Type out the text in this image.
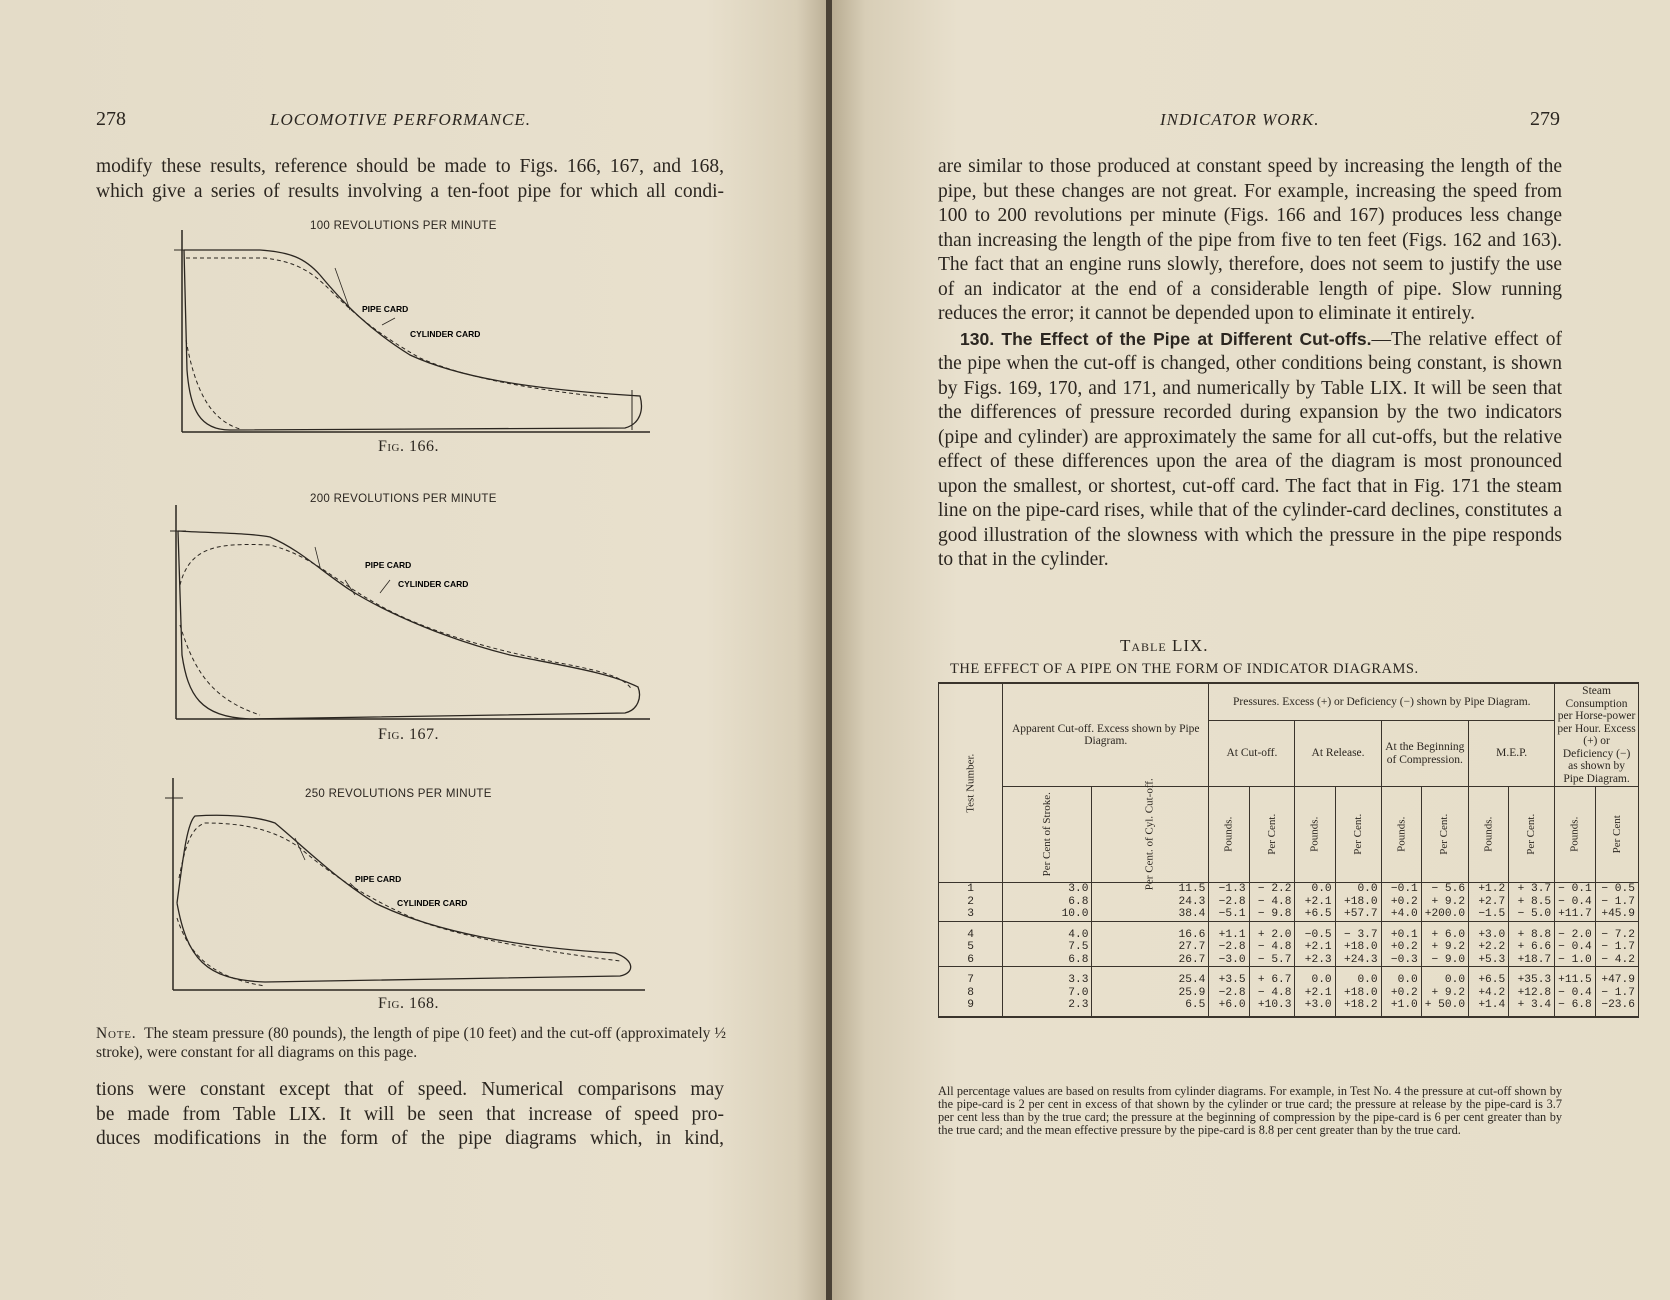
278	LOCOMOTIVE PERFORMANCE.

modify these results, reference should be made to Figs. 166, 167, and 168,

which give a series of results involving a ten-foot pipe for which all condi-

100 REVOLUTIONS PER MINUTE
PIPE CARD
CYLINDER CARD
Fig. 166.
200 REVOLUTIONS PER MINUTE
PIPE CARD
CYLINDER CARD
Fig. 167.
250 REVOLUTIONS PER MINUTE
PIPE CARD
CYLINDER CARD
Fig. 168.
Note. The steam pressure (80 pounds), the length of pipe (10 feet) and the cut-off (approximately ½ stroke), were constant for all diagrams on this page.

tions were constant except that of speed. Numerical comparisons may

be made from Table LIX. It will be seen that increase of speed pro-

duces modifications in the form of the pipe diagrams which, in kind,

INDICATOR WORK.	279

are similar to those produced at constant speed by increasing the length of the pipe, but these changes are not great. For example, increasing the speed from 100 to 200 revolutions per minute (Figs. 166 and 167) produces less change than increasing the length of the pipe from five to ten feet (Figs. 162 and 163). The fact that an engine runs slowly, therefore, does not seem to justify the use of an indicator at the end of a considerable length of pipe. Slow running reduces the error; it cannot be depended upon to eliminate it entirely.

130. The Effect of the Pipe at Different Cut-offs.—The relative effect of the pipe when the cut-off is changed, other conditions being constant, is shown by Figs. 169, 170, and 171, and numerically by Table LIX. It will be seen that the differences of pressure recorded during expansion by the two indicators (pipe and cylinder) are approximately the same for all cut-offs, but the relative effect of these differences upon the area of the diagram is most pronounced upon the smallest, or shortest, cut-off card. The fact that in Fig. 171 the steam line on the pipe-card rises, while that of the cylinder-card declines, constitutes a good illustration of the slowness with which the pressure in the pipe responds to that in the cylinder.

Table LIX.
THE EFFECT OF A PIPE ON THE FORM OF INDICATOR DIAGRAMS.
Test Number.	Apparent Cut-off. Excess shown by Pipe Diagram.		Pressures. Excess (+) or Deficiency (−) shown by Pipe Diagram.								Steam Consumption per Horse-power per Hour. Excess (+) or Deficiency (−) as shown by Pipe Diagram.	
			At Cut-off.		At Release.		At the Beginning of Compression.		M.E.P.			
	Per Cent of Stroke.	Per Cent. of Cyl. Cut-off.	Pounds.	Per Cent.	Pounds.	Per Cent.	Pounds.	Per Cent.	Pounds.	Per Cent.	Pounds.	Per Cent
1	3.0	11.5	−1.3	− 2.2	0.0	0.0	−0.1	− 5.6	+1.2	+ 3.7	− 0.1	− 0.5
2	6.8	24.3	−2.8	− 4.8	+2.1	+18.0	+0.2	+ 9.2	+2.7	+ 8.5	− 0.4	− 1.7
3	10.0	38.4	−5.1	− 9.8	+6.5	+57.7	+4.0	+200.0	−1.5	− 5.0	+11.7	+45.9
4	4.0	16.6	+1.1	+ 2.0	−0.5	− 3.7	+0.1	+ 6.0	+3.0	+ 8.8	− 2.0	− 7.2
5	7.5	27.7	−2.8	− 4.8	+2.1	+18.0	+0.2	+ 9.2	+2.2	+ 6.6	− 0.4	− 1.7
6	6.8	26.7	−3.0	− 5.7	+2.3	+24.3	−0.3	− 9.0	+5.3	+18.7	− 1.0	− 4.2
7	3.3	25.4	+3.5	+ 6.7	0.0	0.0	0.0	0.0	+6.5	+35.3	+11.5	+47.9
8	7.0	25.9	−2.8	− 4.8	+2.1	+18.0	+0.2	+ 9.2	+4.2	+12.8	− 0.4	− 1.7
9	2.3	6.5	+6.0	+10.3	+3.0	+18.2	+1.0	+ 50.0	+1.4	+ 3.4	− 6.8	−23.6
All percentage values are based on results from cylinder diagrams. For example, in Test No. 4 the pressure at cut-off shown by the pipe-card is 2 per cent in excess of that shown by the cylinder or true card; the pressure at release by the pipe-card is 3.7 per cent less than by the true card; the pressure at the beginning of compression by the pipe-card is 6 per cent greater than by the true card; and the mean effective pressure by the pipe-card is 8.8 per cent greater than by the true card.
